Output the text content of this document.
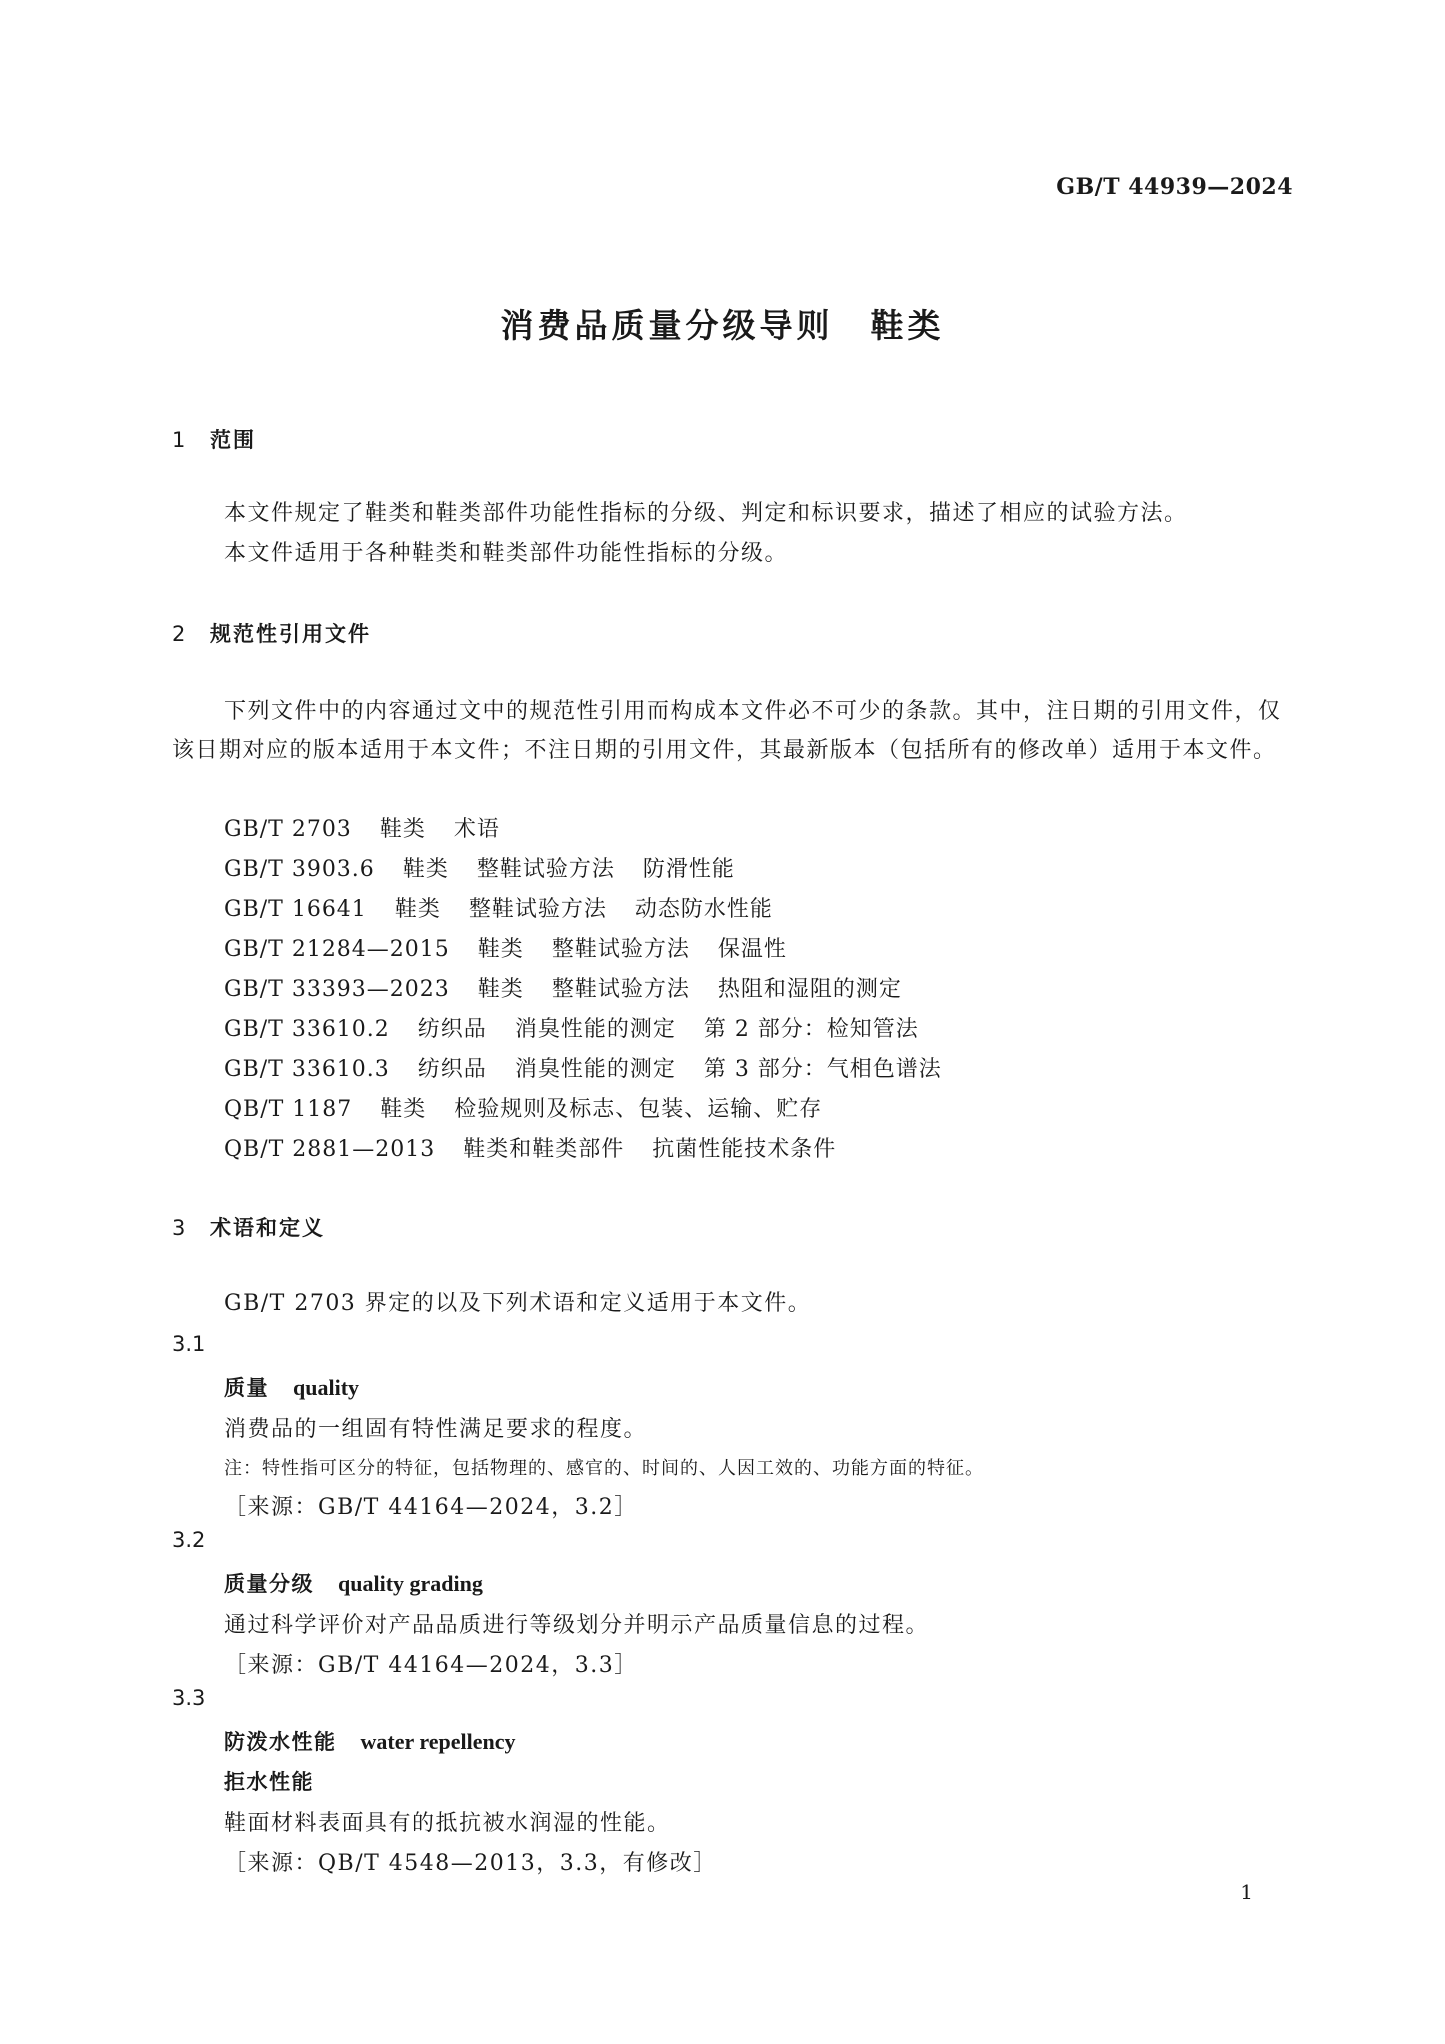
GB/T 44939—2024
消费品质量分级导则　鞋类
1 范围
本文件规定了鞋类和鞋类部件功能性指标的分级、判定和标识要求，描述了相应的试验方法。
本文件适用于各种鞋类和鞋类部件功能性指标的分级。
2 规范性引用文件
下列文件中的内容通过文中的规范性引用而构成本文件必不可少的条款。其中，注日期的引用文件，仅该日期对应的版本适用于本文件；不注日期的引用文件，其最新版本（包括所有的修改单）适用于本文件。
GB/T 2703 鞋类 术语
GB/T 3903.6 鞋类 整鞋试验方法 防滑性能
GB/T 16641 鞋类 整鞋试验方法 动态防水性能
GB/T 21284—2015 鞋类 整鞋试验方法 保温性
GB/T 33393—2023 鞋类 整鞋试验方法 热阻和湿阻的测定
GB/T 33610.2 纺织品 消臭性能的测定 第 2 部分：检知管法
GB/T 33610.3 纺织品 消臭性能的测定 第 3 部分：气相色谱法
QB/T 1187 鞋类 检验规则及标志、包装、运输、贮存
QB/T 2881—2013 鞋类和鞋类部件 抗菌性能技术条件
3 术语和定义
GB/T 2703 界定的以及下列术语和定义适用于本文件。
3.1
质量 quality
消费品的一组固有特性满足要求的程度。
注：特性指可区分的特征，包括物理的、感官的、时间的、人因工效的、功能方面的特征。
［来源：GB/T 44164—2024，3.2］
3.2
质量分级 quality grading
通过科学评价对产品品质进行等级划分并明示产品质量信息的过程。
［来源：GB/T 44164—2024，3.3］
3.3
防泼水性能 water repellency
拒水性能
鞋面材料表面具有的抵抗被水润湿的性能。
［来源：QB/T 4548—2013，3.3，有修改］
1
